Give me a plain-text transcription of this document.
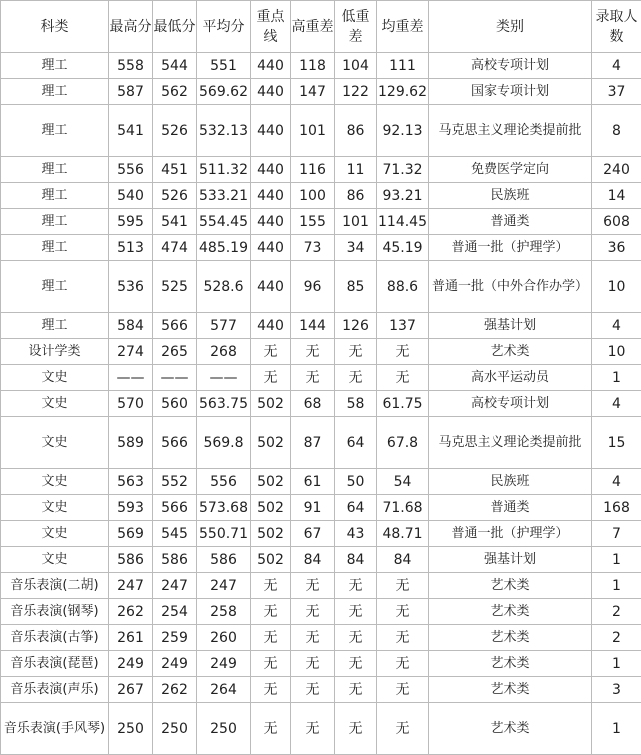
科类	最高分	最低分	平均分	重点线	高重差	低重差	均重差	类别	录取人数
理工	558	544	551	440	118	104	111	高校专项计划	4
理工	587	562	569.62	440	147	122	129.62	国家专项计划	37
理工	541	526	532.13	440	101	86	92.13	马克思主义理论类提前批	8
理工	556	451	511.32	440	116	11	71.32	免费医学定向	240
理工	540	526	533.21	440	100	86	93.21	民族班	14
理工	595	541	554.45	440	155	101	114.45	普通类	608
理工	513	474	485.19	440	73	34	45.19	普通一批（护理学）	36
理工	536	525	528.6	440	96	85	88.6	普通一批（中外合作办学）	10
理工	584	566	577	440	144	126	137	强基计划	4
设计学类	274	265	268	无	无	无	无	艺术类	10
文史	——	——	——	无	无	无	无	高水平运动员	1
文史	570	560	563.75	502	68	58	61.75	高校专项计划	4
文史	589	566	569.8	502	87	64	67.8	马克思主义理论类提前批	15
文史	563	552	556	502	61	50	54	民族班	4
文史	593	566	573.68	502	91	64	71.68	普通类	168
文史	569	545	550.71	502	67	43	48.71	普通一批（护理学）	7
文史	586	586	586	502	84	84	84	强基计划	1
音乐表演(二胡)	247	247	247	无	无	无	无	艺术类	1
音乐表演(钢琴)	262	254	258	无	无	无	无	艺术类	2
音乐表演(古筝)	261	259	260	无	无	无	无	艺术类	2
音乐表演(琵琶)	249	249	249	无	无	无	无	艺术类	1
音乐表演(声乐)	267	262	264	无	无	无	无	艺术类	3
音乐表演(手风琴)	250	250	250	无	无	无	无	艺术类	1
